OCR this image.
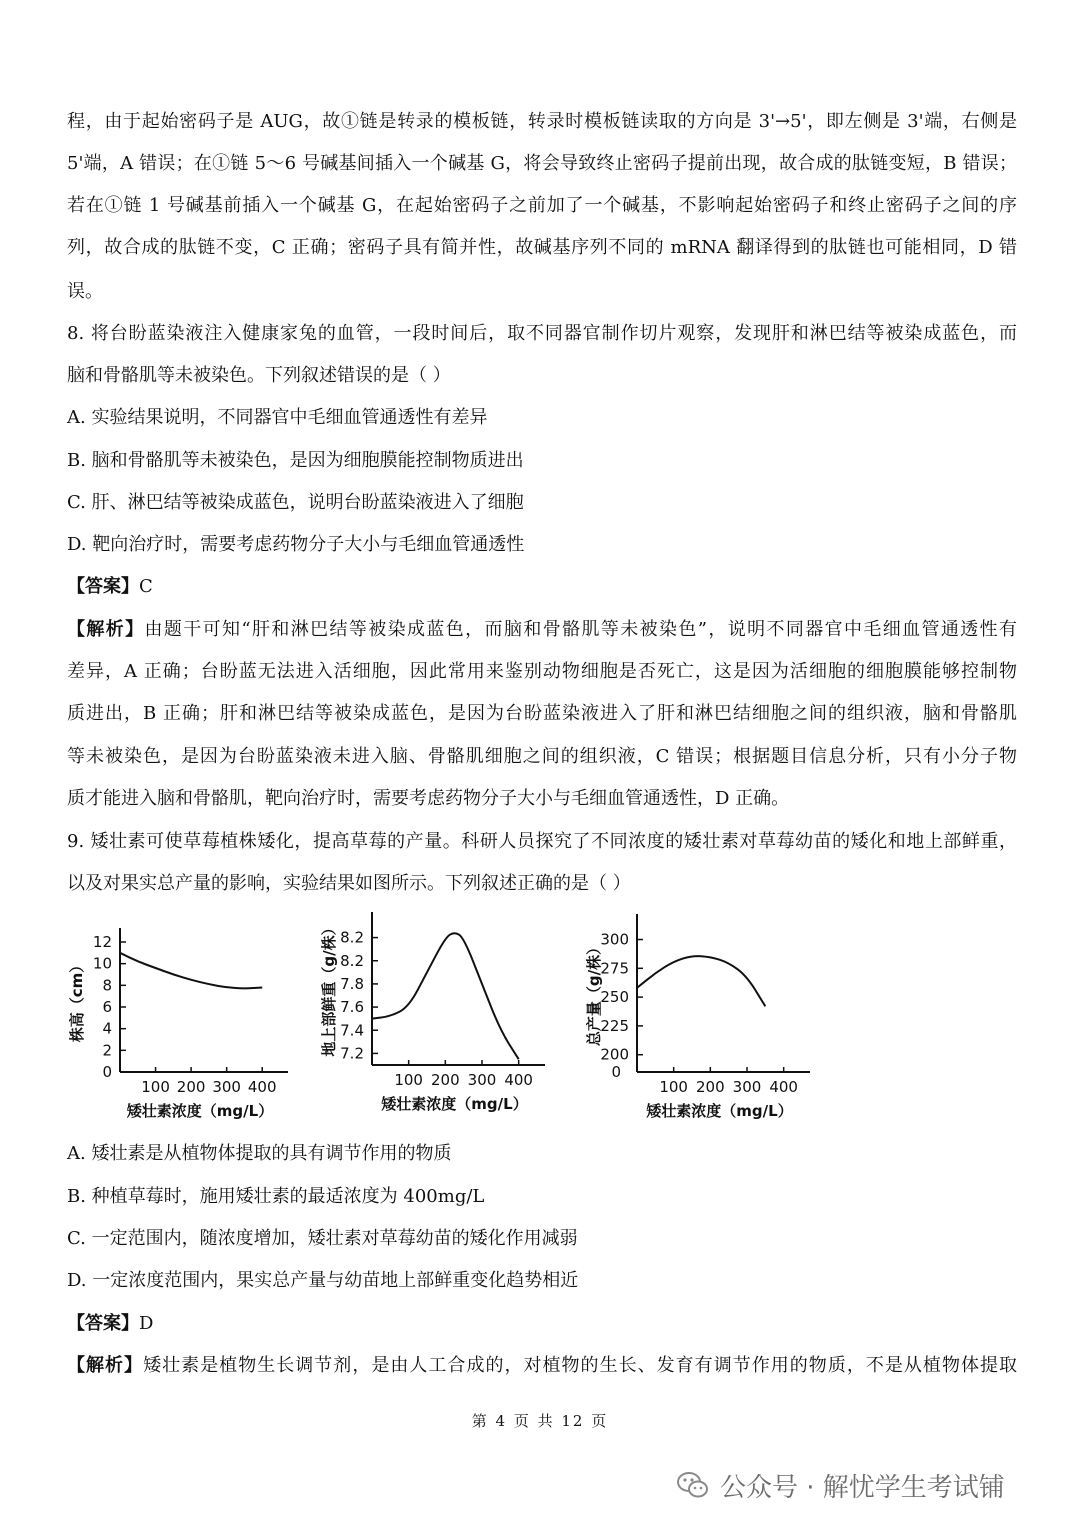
程，由于起始密码子是 AUG，故①链是转录的模板链，转录时模板链读取的方向是 3'→5'，即左侧是 3'端，右侧是
5'端，A 错误；在①链 5～6 号碱基间插入一个碱基 G，将会导致终止密码子提前出现，故合成的肽链变短，B 错误；
若在①链 1 号碱基前插入一个碱基 G，在起始密码子之前加了一个碱基，不影响起始密码子和终止密码子之间的序
列，故合成的肽链不变，C 正确；密码子具有简并性，故碱基序列不同的 mRNA 翻译得到的肽链也可能相同，D 错
误。
8. 将台盼蓝染液注入健康家兔的血管，一段时间后，取不同器官制作切片观察，发现肝和淋巴结等被染成蓝色，而
脑和骨骼肌等未被染色。下列叙述错误的是（ ）
A. 实验结果说明，不同器官中毛细血管通透性有差异
B. 脑和骨骼肌等未被染色，是因为细胞膜能控制物质进出
C. 肝、淋巴结等被染成蓝色，说明台盼蓝染液进入了细胞
D. 靶向治疗时，需要考虑药物分子大小与毛细血管通透性
【答案】C
【解析】由题干可知“肝和淋巴结等被染成蓝色，而脑和骨骼肌等未被染色”，说明不同器官中毛细血管通透性有
差异，A 正确；台盼蓝无法进入活细胞，因此常用来鉴别动物细胞是否死亡，这是因为活细胞的细胞膜能够控制物
质进出，B 正确；肝和淋巴结等被染成蓝色，是因为台盼蓝染液进入了肝和淋巴结细胞之间的组织液，脑和骨骼肌
等未被染色，是因为台盼蓝染液未进入脑、骨骼肌细胞之间的组织液，C 错误；根据题目信息分析，只有小分子物
质才能进入脑和骨骼肌，靶向治疗时，需要考虑药物分子大小与毛细血管通透性，D 正确。
9. 矮壮素可使草莓植株矮化，提高草莓的产量。科研人员探究了不同浓度的矮壮素对草莓幼苗的矮化和地上部鲜重，
以及对果实总产量的影响，实验结果如图所示。下列叙述正确的是（ ）
0
2
4
6
8
10
12
100 200 300 400
矮壮素浓度（mg/L）
株高（cm）
7.2
7.4
7.6
7.8
8.2
8.2
100 200 300 400
矮壮素浓度（mg/L）
地上部鲜重（g/株）	200
225
250
275
300
0
100 200 300 400
矮壮素浓度（mg/L）
总产量（g/株）
A. 矮壮素是从植物体提取的具有调节作用的物质
B. 种植草莓时，施用矮壮素的最适浓度为 400mg/L
C. 一定范围内，随浓度增加，矮壮素对草莓幼苗的矮化作用减弱
D. 一定浓度范围内，果实总产量与幼苗地上部鲜重变化趋势相近
【答案】D
【解析】矮壮素是植物生长调节剂，是由人工合成的，对植物的生长、发育有调节作用的物质，不是从植物体提取
第 4 页 共 12 页
公众号 · 解忧学生考试铺
